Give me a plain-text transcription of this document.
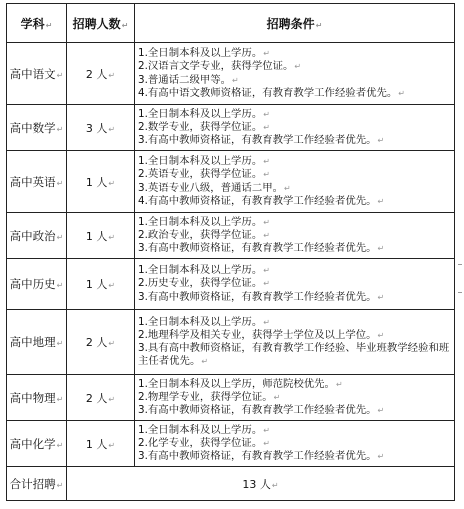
学科↵	招聘人数↵	招聘条件↵
高中语文↵	2 人↵	1.全日制本科及以上学历。↵
2.汉语言文学专业，获得学位证。↵
3.普通话二级甲等。↵
4.有高中语文教师资格证，有教育教学工作经验者优先。↵

高中数学↵	3 人↵	1.全日制本科及以上学历。↵
2.数学专业，获得学位证。↵
3.有高中教师资格证，有教育教学工作经验者优先。↵

高中英语↵	1 人↵	1.全日制本科及以上学历。↵
2.英语专业，获得学位证。↵
3.英语专业八级，普通话二甲。↵
4.有高中教师资格证，有教育教学工作经验者优先。↵

高中政治↵	1 人↵	1.全日制本科及以上学历。↵
2.政治专业，获得学位证。↵
3.有高中教师资格证，有教育教学工作经验者优先。↵

高中历史↵	1 人↵	1.全日制本科及以上学历。↵
2.历史专业，获得学位证。↵
3.有高中教师资格证，有教育教学工作经验者优先。↵

高中地理↵	2 人↵	1.全日制本科及以上学历。↵
2.地理科学及相关专业，获得学士学位及以上学位。↵
3.具有高中教师资格证，有教育教学工作经验、毕业班教学经验和班主任者优先。↵

高中物理↵	2 人↵	1.全日制本科及以上学历，师范院校优先。↵
2.物理学专业，获得学位证。↵
3.有高中教师资格证，有教育教学工作经验者优先。↵

高中化学↵	1 人↵	1.全日制本科及以上学历。↵
2.化学专业，获得学位证。↵
3.有高中教师资格证，有教育教学工作经验者优先。↵

合计招聘↵	13 人↵	
